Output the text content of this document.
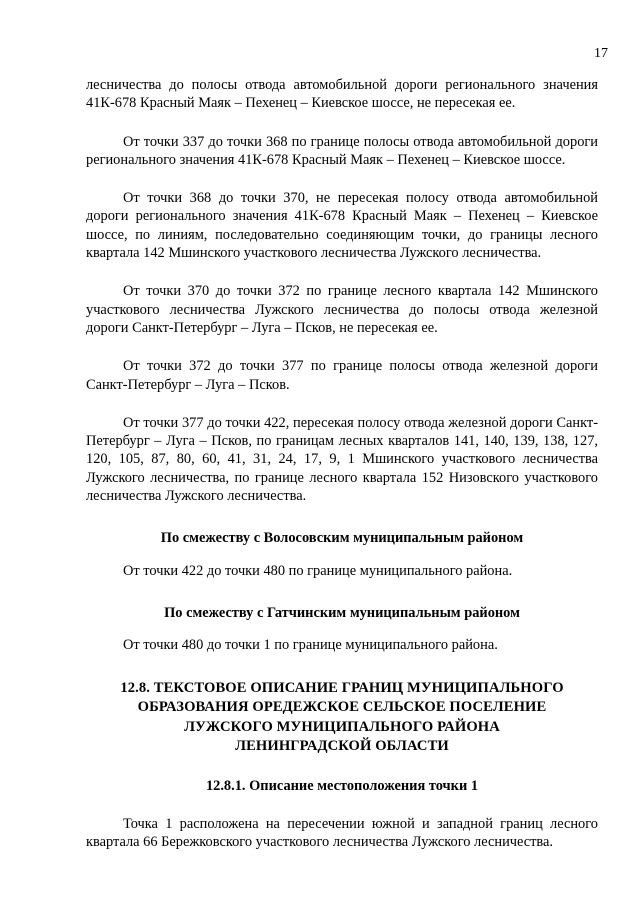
17

лесничества до полосы отвода автомобильной дороги регионального значения 41К-678 Красный Маяк – Пехенец – Киевское шоссе, не пересекая ее.

От точки 337 до точки 368 по границе полосы отвода автомобильной дороги регионального значения 41К-678 Красный Маяк – Пехенец – Киевское шоссе.

От точки 368 до точки 370, не пересекая полосу отвода автомобильной дороги регионального значения 41К-678 Красный Маяк – Пехенец – Киевское шоссе, по линиям, последовательно соединяющим точки, до границы лесного квартала 142 Мшинского участкового лесничества Лужского лесничества.

От точки 370 до точки 372 по границе лесного квартала 142 Мшинского участкового лесничества Лужского лесничества до полосы отвода железной дороги Санкт-Петербург – Луга – Псков, не пересекая ее.

От точки 372 до точки 377 по границе полосы отвода железной дороги Санкт-Петербург – Луга – Псков.

От точки 377 до точки 422, пересекая полосу отвода железной дороги Санкт-Петербург – Луга – Псков, по границам лесных кварталов 141, 140, 139, 138, 127, 120, 105, 87, 80, 60, 41, 31, 24, 17, 9, 1 Мшинского участкового лесничества Лужского лесничества, по границе лесного квартала 152 Низовского участкового лесничества Лужского лесничества.

По смежеству с Волосовским муниципальным районом

От точки 422 до точки 480 по границе муниципального района.

По смежеству с Гатчинским муниципальным районом

От точки 480 до точки 1 по границе муниципального района.

12.8. ТЕКСТОВОЕ ОПИСАНИЕ ГРАНИЦ МУНИЦИПАЛЬНОГО

ОБРАЗОВАНИЯ ОРЕДЕЖСКОЕ СЕЛЬСКОЕ ПОСЕЛЕНИЕ

ЛУЖСКОГО МУНИЦИПАЛЬНОГО РАЙОНА

ЛЕНИНГРАДСКОЙ ОБЛАСТИ

12.8.1. Описание местоположения точки 1

Точка 1 расположена на пересечении южной и западной границ лесного квартала 66 Бережковского участкового лесничества Лужского лесничества.
